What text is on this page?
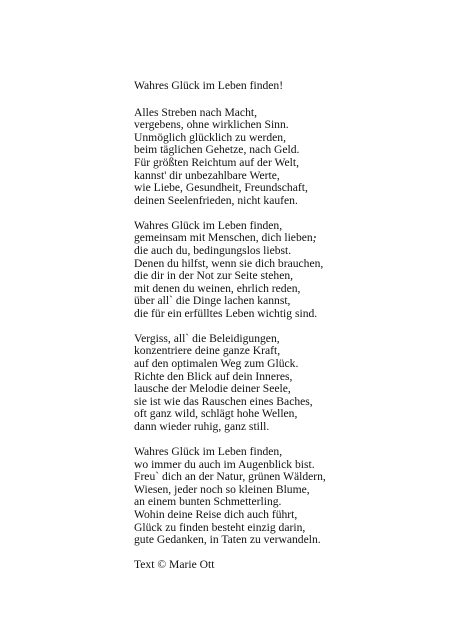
Wahres Glück im Leben finden!
Alles Streben nach Macht,
vergebens, ohne wirklichen Sinn.
Unmöglich glücklich zu werden,
beim täglichen Gehetze, nach Geld.
Für größten Reichtum auf der Welt,
kannst' dir unbezahlbare Werte,
wie Liebe, Gesundheit, Freundschaft,
deinen Seelenfrieden, nicht kaufen.
Wahres Glück im Leben finden,
gemeinsam mit Menschen, dich lieben,
die auch du, bedingungslos liebst.
Denen du hilfst, wenn sie dich brauchen,
die dir in der Not zur Seite stehen,
mit denen du weinen, ehrlich reden,
über all` die Dinge lachen kannst,
die für ein erfülltes Leben wichtig sind.
Vergiss, all` die Beleidigungen,
konzentriere deine ganze Kraft,
auf den optimalen Weg zum Glück.
Richte den Blick auf dein Inneres,
lausche der Melodie deiner Seele,
sie ist wie das Rauschen eines Baches,
oft ganz wild, schlägt hohe Wellen,
dann wieder ruhig, ganz still.
Wahres Glück im Leben finden,
wo immer du auch im Augenblick bist.
Freu` dich an der Natur, grünen Wäldern,
Wiesen, jeder noch so kleinen Blume,
an einem bunten Schmetterling.
Wohin deine Reise dich auch führt,
Glück zu finden besteht einzig darin,
gute Gedanken, in Taten zu verwandeln.
Text © Marie Ott
